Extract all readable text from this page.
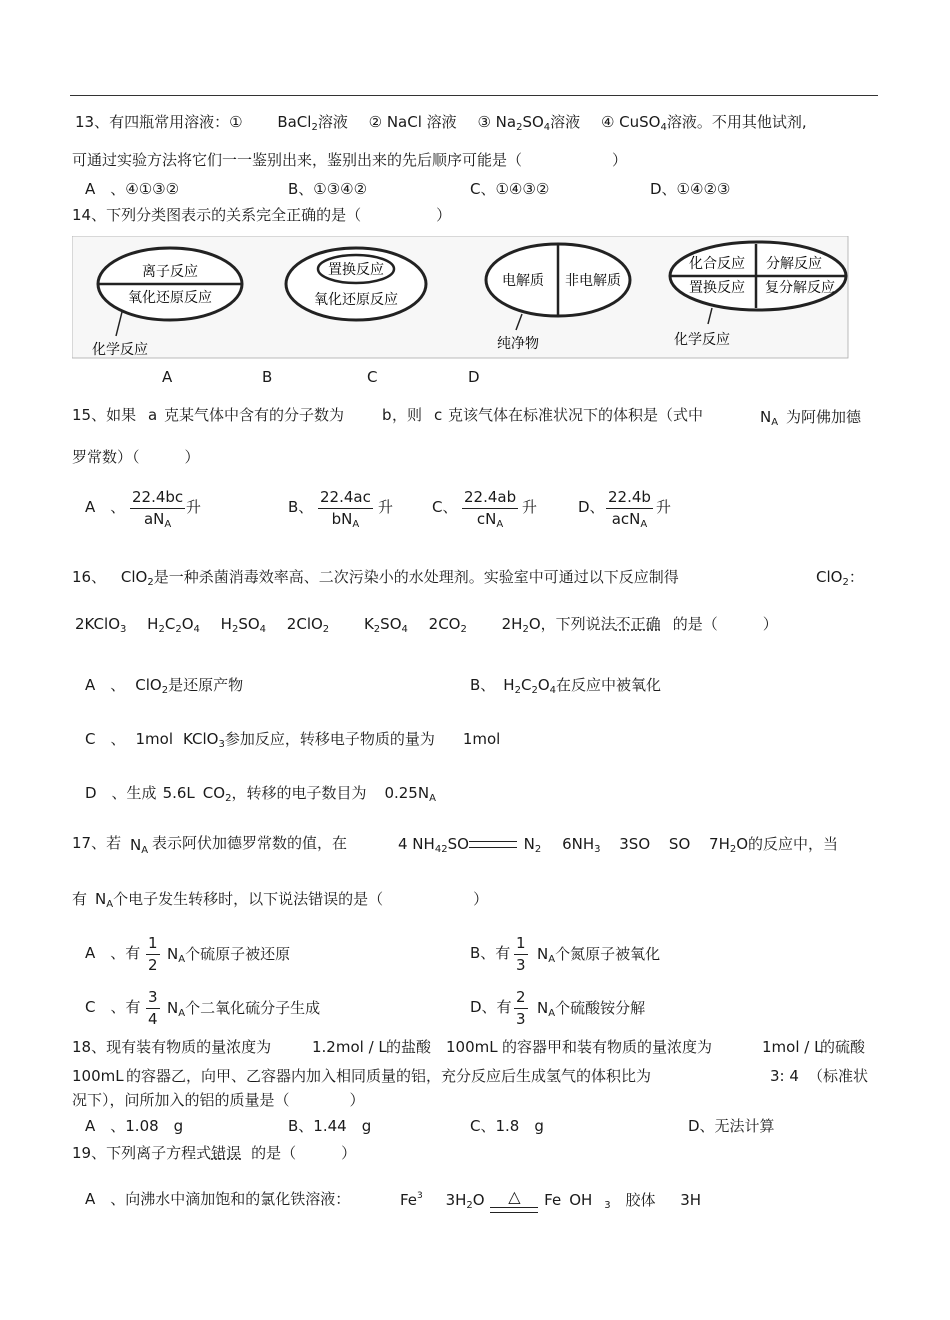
13、有四瓶常用溶液：① BaCl$_2$溶液 ② NaCl 溶液 ③ $Na_2SO_4$溶液 ④ CuSO$_4$溶液。不用其他试剂,
可通过实验方法将它们一一鉴别出来，鉴别出来的先后顺序可能是（　　　　　　）
A　、④①③②	B、①③④②	C、①④③②	D、①④②③
14、下列分类图表示的关系完全正确的是（　　　　　）
离子反应
氧化还原反应
化学反应
置换反应
氧化还原反应
电解质 非电解质
纯净物
化合反应 分解反应
置换反应 复分解反应
化学反应
A	B	C	D
15、如果 a 克某气体中含有的分子数为	b ，则 c 克该气体在标准状况下的体积是（式中	$N_A$ 为阿佛加德
罗常数）（　　　）
A　、
22.4bc
$aN_A$
升	B、
22.4ac
$bN_A$
升	C、
22.4ab
$cN_A$
升	D、
22.4b
acN$_A$
升
16、 ClO$_2$是一种杀菌消毒效率高、二次污染小的水处理剂。实验室中可通过以下反应制得	ClO$_2$：
2KClO$_3$ $H_2C_2O_4$ $H_2SO_4$ 2ClO$_2$ $K_2SO_4$ $2CO_2$ $2H_2O$，下列说法不正确 的是（　　　）
A　、 ClO$_2$是还原产物	B、 $H_2C_2O_4$在反应中被氧化
C　、 1mol KClO$_3$参加反应，转移电子物质的量为 1mol
D　、生成 5.6L $CO_2$，转移的电子数目为 $0.25N_A$
17、若 $N_A$ 表示阿伏加德罗常数的值，在	4 $NH_{42}SO$	$N_2$ $6NH_3$ 3SO SO $7H_2O$的反应中，当
有 $N_A$个电子发生转移时，以下说法错误的是（　　　　　　）
A　、有 $\frac{1}{2} N_A$个硫原子被还原	B、有 $\frac{1}{3} N_A$个氮原子被氧化
C　、有 $\frac{3}{4} N_A$个二氧化硫分子生成	D、有 $\frac{2}{3} N_A$个硫酸铵分解
18、现有装有物质的量浓度为	1.2mol / L 的盐酸 100mL 的容器甲和装有物质的量浓度为	1mol / L
的硫酸
100mL 的容器乙，向甲、乙容器内加入相同质量的铝，充分反应后生成氢气的体积比为	3: 4 （标准状
况下），问所加入的铝的质量是（　　　　）
A　、1.08　g	B、1.44　g	C、1.8　g	D、无法计算
19、下列离子方程式错误 的是（　　　）
A　、向沸水中滴加饱和的氯化铁溶液：	Fe$^3$ $3H_2O$ △ Fe OH $_3$ 胶体 3H
